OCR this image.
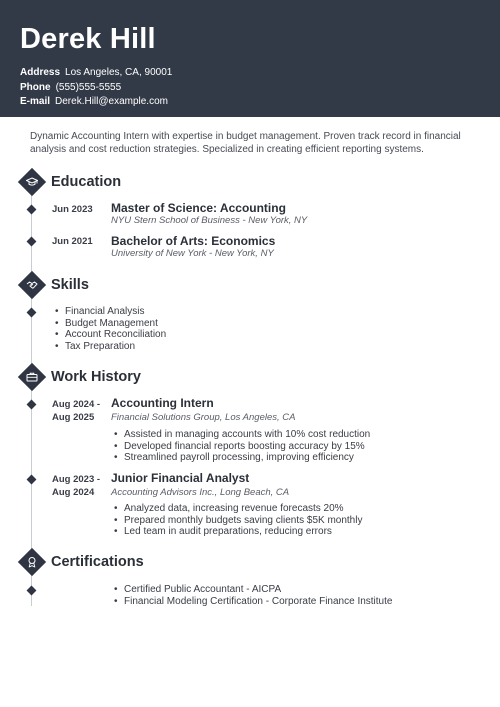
Derek Hill
Address Los Angeles, CA, 90001
Phone (555)555-5555
E-mail Derek.Hill@example.com
Dynamic Accounting Intern with expertise in budget management. Proven track record in financial analysis and cost reduction strategies. Specialized in creating efficient reporting systems.
Education
Jun 2023 Master of Science: Accounting
NYU Stern School of Business - New York, NY
Jun 2021 Bachelor of Arts: Economics
University of New York - New York, NY
Skills
• Financial Analysis
• Budget Management
• Account Reconciliation
• Tax Preparation
Work History
Aug 2024 -
Aug 2025
Accounting Intern
Financial Solutions Group, Los Angeles, CA
• Assisted in managing accounts with 10% cost reduction
• Developed financial reports boosting accuracy by 15%
• Streamlined payroll processing, improving efficiency
Aug 2023 -
Aug 2024
Junior Financial Analyst
Accounting Advisors Inc., Long Beach, CA
• Analyzed data, increasing revenue forecasts 20%
• Prepared monthly budgets saving clients $5K monthly
• Led team in audit preparations, reducing errors
Certifications
• Certified Public Accountant - AICPA
• Financial Modeling Certification - Corporate Finance Institute
